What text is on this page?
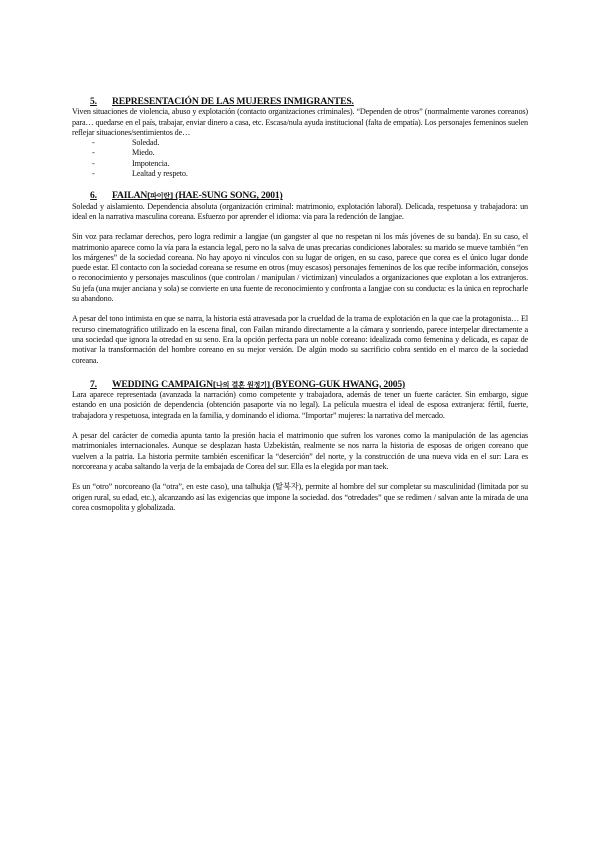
5.	REPRESENTACIÓN DE LAS MUJERES INMIGRANTES.

Viven situaciones de violencia, abuso y explotación (contacto organizaciones criminales). “Dependen de otros” (normalmente varones coreanos) para… quedarse en el país, trabajar, enviar dinero a casa, etc. Escasa/nula ayuda institucional (falta de empatía). Los personajes femeninos suelen reflejar situaciones/sentimientos de…

-	Soledad.
-	Miedo.
-	Impotencia.
-	Lealtad y respeto.
6.	FAILAN[파이란] (HAE-SUNG SONG, 2001)

Soledad y aislamiento. Dependencia absoluta (organización criminal: matrimonio, explotación laboral). Delicada, respetuosa y trabajadora: un ideal en la narrativa masculina coreana. Esfuerzo por aprender el idioma: vía para la redención de Iangjae.

Sin voz para reclamar derechos, pero logra redimir a Iangjae (un gangster al que no respetan ni los más jóvenes de su banda). En su caso, el matrimonio aparece como la vía para la estancia legal, pero no la salva de unas precarias condiciones laborales: su marido se mueve también “en los márgenes” de la sociedad coreana. No hay apoyo ni vínculos con su lugar de origen, en su caso, parece que corea es el único lugar donde puede estar. El contacto con la sociedad coreana se resume en otros (muy escasos) personajes femeninos de los que recibe información, consejos o reconocimiento y personajes masculinos (que controlan / manipulan / victimizan) vinculados a organizaciones que explotan a los extranjeros. Su jefa (una mujer anciana y sola) se convierte en una fuente de reconocimiento y confronta a Iangjae con su conducta: es la única en reprocharle su abandono.

A pesar del tono intimista en que se narra, la historia está atravesada por la crueldad de la trama de explotación en la que cae la protagonista… El recurso cinematográfico utilizado en la escena final, con Failan mirando directamente a la cámara y sonriendo, parece interpelar directamente a una sociedad que ignora la otredad en su seno. Era la opción perfecta para un noble coreano: idealizada como femenina y delicada, es capaz de motivar la transformación del hombre coreano en su mejor versión. De algún modo su sacrificio cobra sentido en el marco de la sociedad coreana.

7.	WEDDING CAMPAIGN[나의 결혼 원정기] (BYEONG-GUK HWANG, 2005)

Lara aparece representada (avanzada la narración) como competente y trabajadora, además de tener un fuerte carácter. Sin embargo, sigue estando en una posición de dependencia (obtención pasaporte vía no legal). La película muestra el ideal de esposa extranjera: fértil, fuerte, trabajadora y respetuosa, integrada en la familia, y dominando el idioma. “Importar” mujeres: la narrativa del mercado.

A pesar del carácter de comedia apunta tanto la presión hacia el matrimonio que sufren los varones como la manipulación de las agencias matrimoniales internacionales. Aunque se desplazan hasta Uzbekistán, realmente se nos narra la historia de esposas de origen coreano que vuelven a la patria. La historia permite también escenificar la “deserción” del norte, y la construcción de una nueva vida en el sur: Lara es norcoreana y acaba saltando la verja de la embajada de Corea del sur. Ella es la elegida por man taek.

Es un “otro” norcoreano (la “otra”, en este caso), una talhukja (탈북자), permite al hombre del sur completar su masculinidad (limitada por su origen rural, su edad, etc.), alcanzando así las exigencias que impone la sociedad. dos “otredades” que se redimen / salvan ante la mirada de una corea cosmopolita y globalizada.
